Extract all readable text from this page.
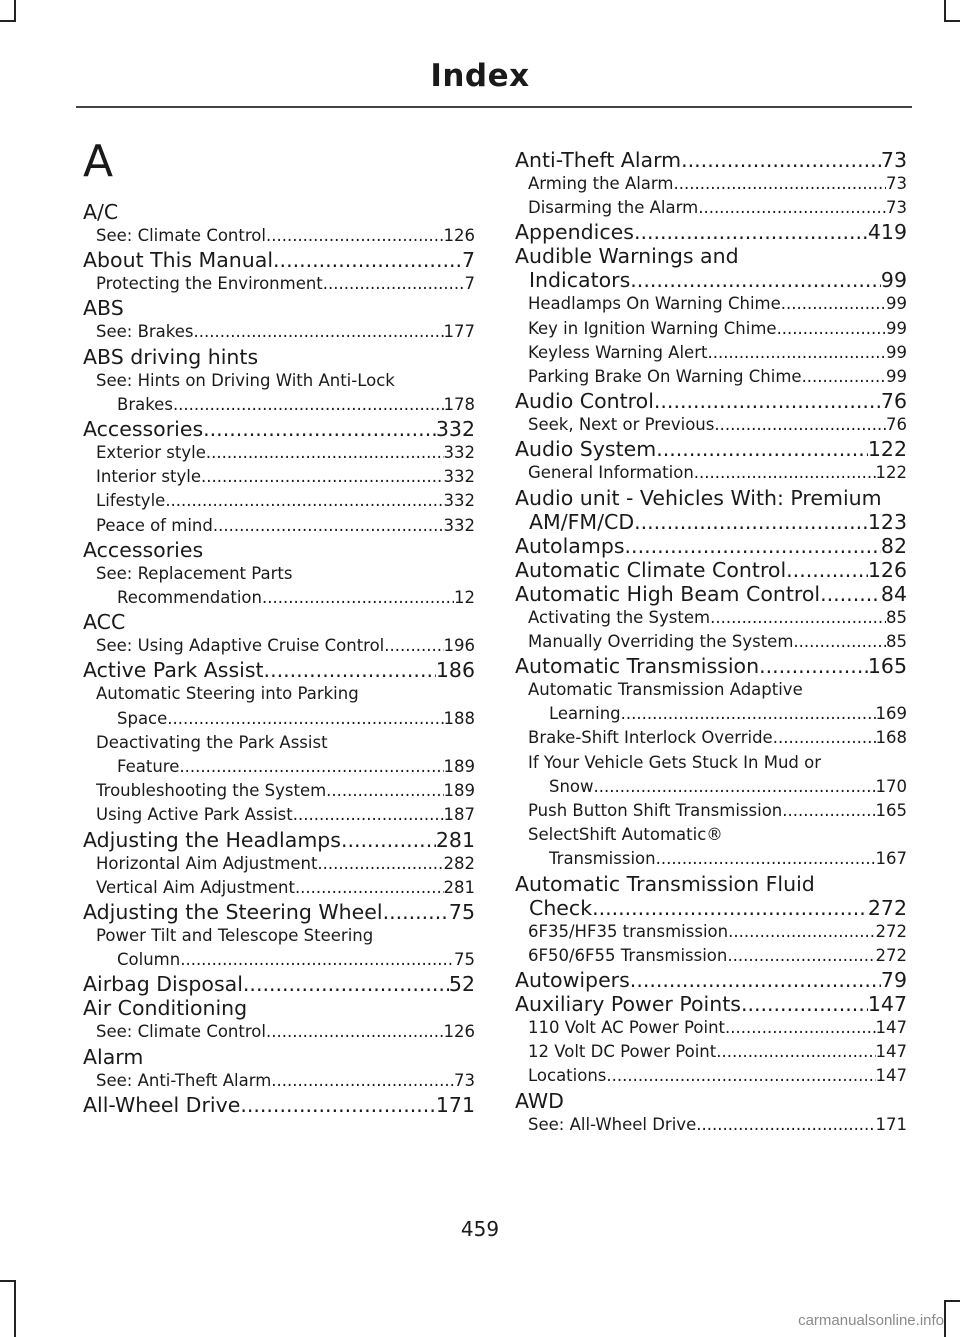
Index
A
A/C
See: Climate Control .....	126
About This Manual .....	7
Protecting the Environment .....	7
ABS
See: Brakes .....	177
ABS driving hints
See: Hints on Driving With Anti-Lock
Brakes .....	178
Accessories .....	332
Exterior style .....	332
Interior style .....	332
Lifestyle .....	332
Peace of mind .....	332
Accessories
See: Replacement Parts
Recommendation .....	12
ACC
See: Using Adaptive Cruise Control .....	196
Active Park Assist .....	186
Automatic Steering into Parking
Space .....	188
Deactivating the Park Assist
Feature .....	189
Troubleshooting the System .....	189
Using Active Park Assist .....	187
Adjusting the Headlamps .....	281
Horizontal Aim Adjustment .....	282
Vertical Aim Adjustment .....	281
Adjusting the Steering Wheel .....	75
Power Tilt and Telescope Steering
Column .....	75
Airbag Disposal .....	52
Air Conditioning
See: Climate Control .....	126
Alarm
See: Anti-Theft Alarm .....	73
All-Wheel Drive .....	171
Anti-Theft Alarm .....	73
Arming the Alarm .....	73
Disarming the Alarm .....	73
Appendices .....	419
Audible Warnings and
Indicators .....	99
Headlamps On Warning Chime .....	99
Key in Ignition Warning Chime .....	99
Keyless Warning Alert .....	99
Parking Brake On Warning Chime .....	99
Audio Control .....	76
Seek, Next or Previous .....	76
Audio System .....	122
General Information .....	122
Audio unit - Vehicles With: Premium
AM/FM/CD .....	123
Autolamps .....	82
Automatic Climate Control .....	126
Automatic High Beam Control .....	84
Activating the System .....	85
Manually Overriding the System .....	85
Automatic Transmission .....	165
Automatic Transmission Adaptive
Learning .....	169
Brake-Shift Interlock Override .....	168
If Your Vehicle Gets Stuck In Mud or
Snow .....	170
Push Button Shift Transmission .....	165
SelectShift Automatic®
Transmission .....	167
Automatic Transmission Fluid
Check .....	272
6F35/HF35 transmission .....	272
6F50/6F55 Transmission .....	272
Autowipers .....	79
Auxiliary Power Points .....	147
110 Volt AC Power Point .....	147
12 Volt DC Power Point .....	147
Locations .....	147
AWD
See: All-Wheel Drive .....	171
459
carmanualsonline.info
